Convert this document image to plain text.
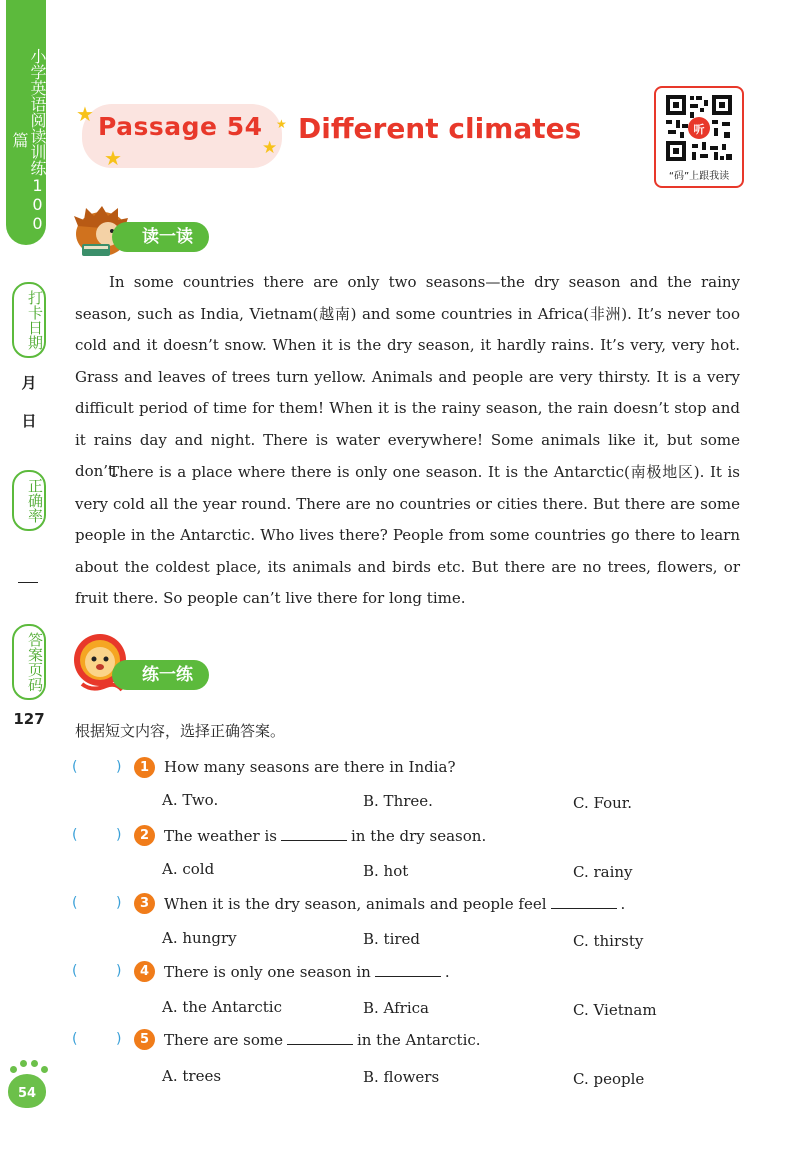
小学英语阅读训练100篇
打卡日期
月
日
正确率
答案页码
127
54
★
★	★
★
Passage 54 Different climates	听
“码”上跟我读
读一读
In some countries there are only two seasons—the dry season and the rainy season, such as India, Vietnam(越南) and some countries in Africa(非洲). It’s never too cold and it doesn’t snow. When it is the dry season, it hardly rains. It’s very, very hot. Grass and leaves of trees turn yellow. Animals and people are very thirsty. It is a very difficult period of time for them! When it is the rainy season, the rain doesn’t stop and it rains day and night. There is water everywhere! Some animals like it, but some don’t.
There is a place where there is only one season. It is the Antarctic(南极地区). It is very cold all the year round. There are no countries or cities there. But there are some people in the Antarctic. Who lives there? People from some countries go there to learn about the coldest place, its animals and birds etc. But there are no trees, flowers, or fruit there. So people can’t live there for long time.
练一练
根据短文内容，选择正确答案。
(	)	1 How many seasons are there in India?
A. Two.	B. Three.	C. Four.
(	)	2 The weather is	in the dry season.
A. cold	B. hot	C. rainy
(	)	3 When it is the dry season, animals and people feel	.
A. hungry	B. tired	C. thirsty
(	)	4 There is only one season in	.
A. the Antarctic	B. Africa	C. Vietnam
(	)	5 There are some	in the Antarctic.
A. trees	B. flowers	C. people
